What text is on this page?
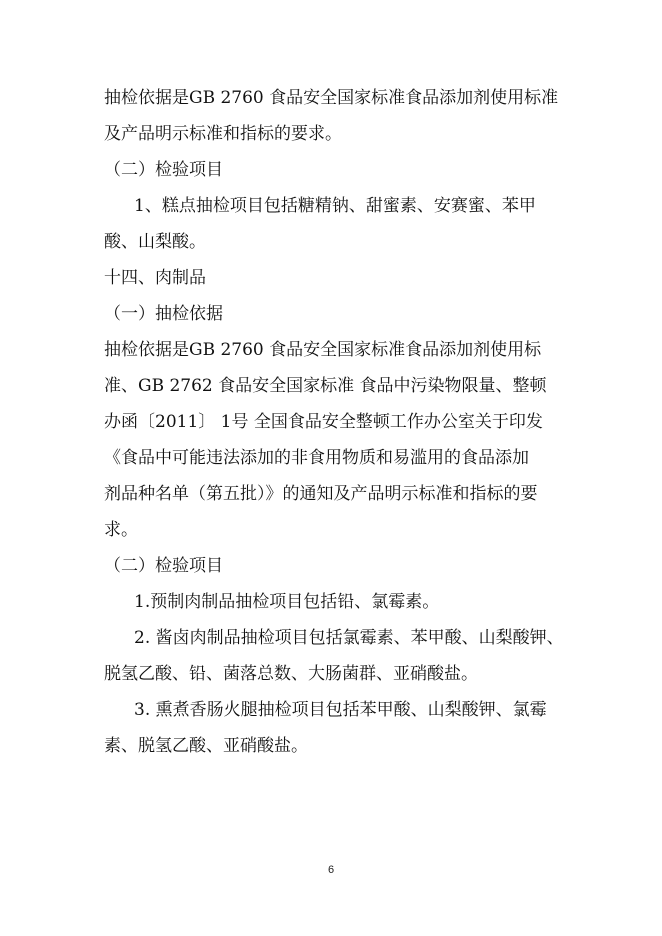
抽检依据是GB 2760 食品安全国家标准食品添加剂使用标准
及产品明示标准和指标的要求。
（二）检验项目
1、糕点抽检项目包括糖精钠、甜蜜素、安赛蜜、苯甲
酸、山梨酸。
十四、肉制品
（一）抽检依据
抽检依据是GB 2760 食品安全国家标准食品添加剂使用标
准、GB 2762 食品安全国家标准 食品中污染物限量、整顿
办函〔2011〕 1号 全国食品安全整顿工作办公室关于印发
《食品中可能违法添加的非食用物质和易滥用的食品添加
剂品种名单（第五批）》的通知及产品明示标准和指标的要
求。
（二）检验项目
1.预制肉制品抽检项目包括铅、氯霉素。
2. 酱卤肉制品抽检项目包括氯霉素、苯甲酸、山梨酸钾、
脱氢乙酸、铅、菌落总数、大肠菌群、亚硝酸盐。
3. 熏煮香肠火腿抽检项目包括苯甲酸、山梨酸钾、氯霉
素、脱氢乙酸、亚硝酸盐。
6
